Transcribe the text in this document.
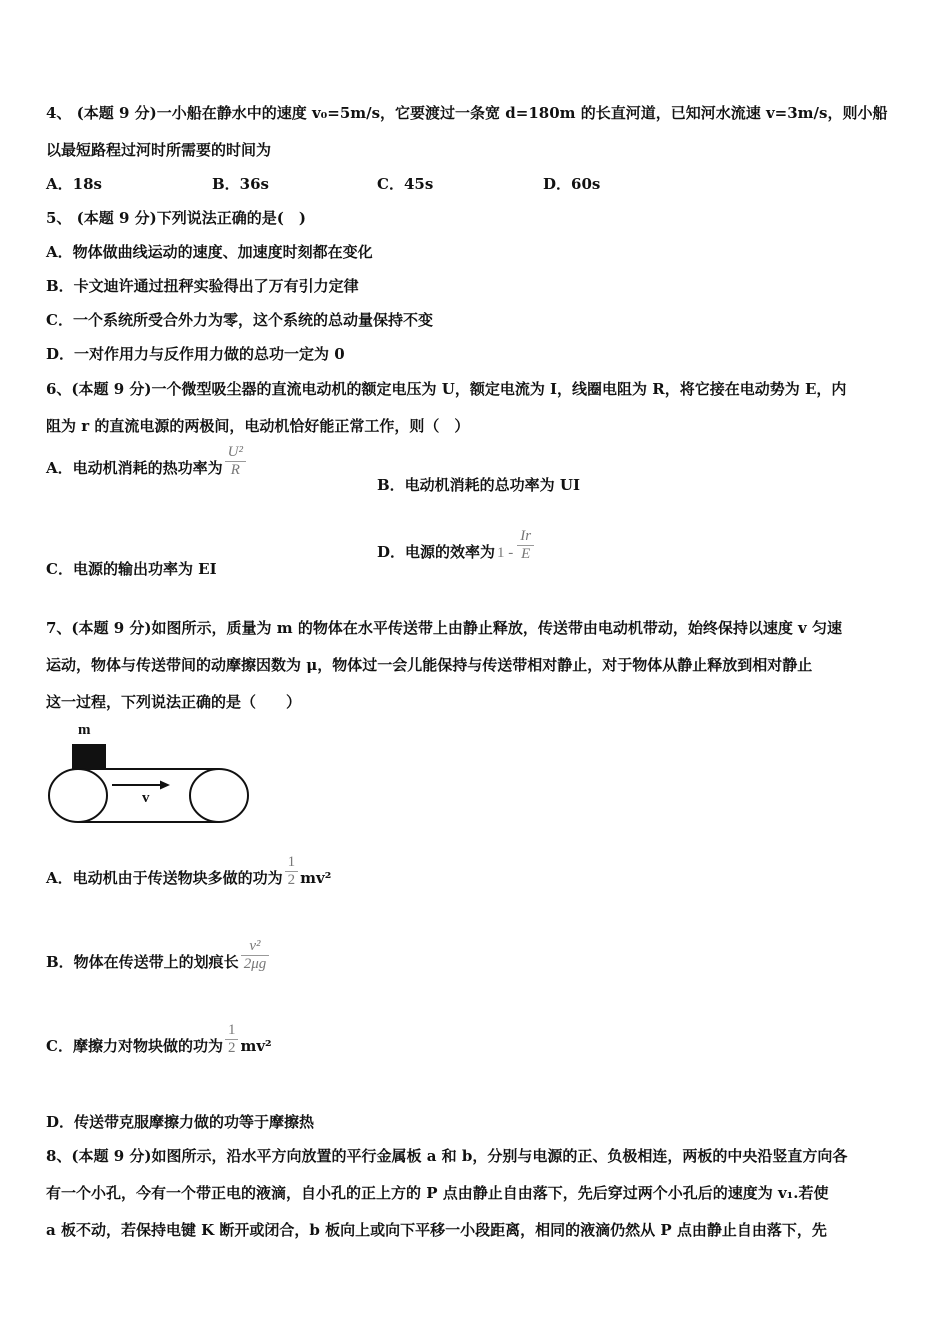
4、 (本题 9 分)一小船在静水中的速度 v₀=5m/s，它要渡过一条宽 d=180m 的长直河道，已知河水流速 v=3m/s，则小船
以最短路程过河时所需要的时间为
A．18s	B．36s	C．45s	D．60s
5、 (本题 9 分)下列说法正确的是(　)
A．物体做曲线运动的速度、加速度时刻都在变化
B．卡文迪许通过扭秤实验得出了万有引力定律
C．一个系统所受合外力为零，这个系统的总动量保持不变
D．一对作用力与反作用力做的总功一定为 0
6、(本题 9 分)一个微型吸尘器的直流电动机的额定电压为 U，额定电流为 I，线圈电阻为 R，将它接在电动势为 E，内
阻为 r 的直流电源的两极间，电动机恰好能正常工作，则（　）
A．电动机消耗的热功率为 $\frac{\text{U²}}{R}$
B．电动机消耗的总功率为 UI
C．电源的输出功率为 EI
D．电源的效率为 $1 - \frac{Ir}{E}$
7、(本题 9 分)如图所示，质量为 m 的物体在水平传送带上由静止释放，传送带由电动机带动，始终保持以速度 v 匀速
运动，物体与传送带间的动摩擦因数为 μ，物体过一会儿能保持与传送带相对静止，对于物体从静止释放到相对静止
这一过程，下列说法正确的是（　　）
m
v
A．电动机由于传送物块多做的功为 $\frac{1}{2} mv^2$
B．物体在传送带上的划痕长 $\frac{\text{v²}}{2\mu g}$
C．摩擦力对物块做的功为 $\frac{1}{2} mv^2$
D．传送带克服摩擦力做的功等于摩擦热
8、(本题 9 分)如图所示，沿水平方向放置的平行金属板 a 和 b，分别与电源的正、负极相连，两板的中央沿竖直方向各
有一个小孔，今有一个带正电的液滴，自小孔的正上方的 P 点由静止自由落下，先后穿过两个小孔后的速度为 v₁.若使
a 板不动，若保持电键 K 断开或闭合，b 板向上或向下平移一小段距离，相同的液滴仍然从 P 点由静止自由落下，先
